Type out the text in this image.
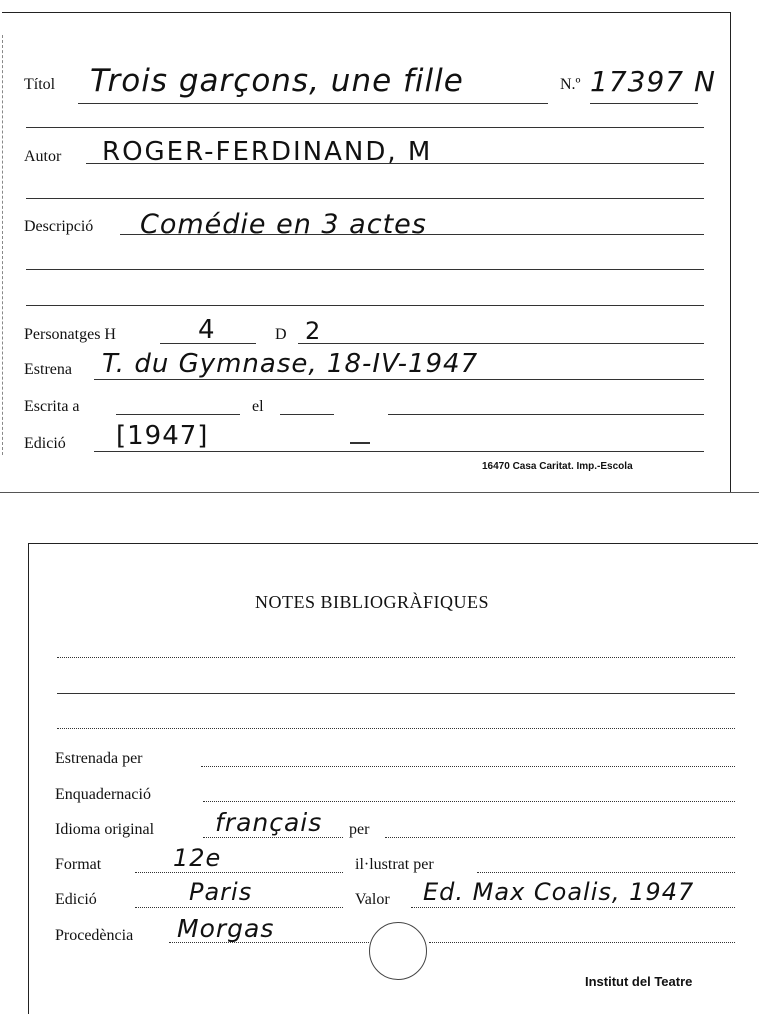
Títol Trois garçons, une fille	N.º 17397 N
Autor ROGER-FERDINAND, M
Descripció Comédie en 3 actes
Personatges H	4	D 2
Estrena T. du Gymnase, 18-IV-1947
Escrita a	el
Edició [1947]
16470 Casa Caritat. Imp.-Escola
NOTES BIBLIOGRÀFIQUES
Estrenada per
Enquadernació
Idioma original français per
Format	12e	il·lustrat per
Edició	Paris	Valor Ed. Max Coalis, 1947
Procedència Morgas
Institut del Teatre
